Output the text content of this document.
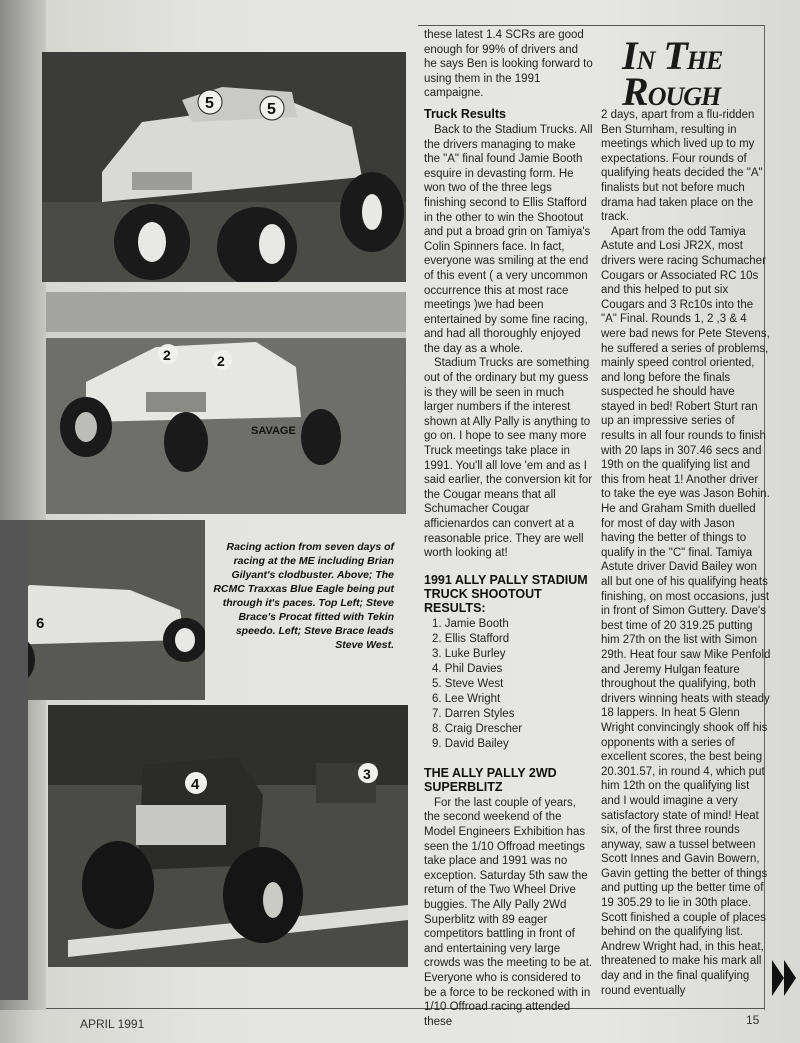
5	5
2	2
SAVAGE
6
4
3
Racing action from seven days of racing at the ME including Brian Gilyant's clodbuster. Above; The RCMC Traxxas Blue Eagle being put through it's paces. Top Left; Steve Brace's Procat fitted with Tekin speedo. Left; Steve Brace leads Steve West.
IN THE
ROUGH

these latest 1.4 SCRs are good enough for 99% of drivers and he says Ben is looking forward to using them in the 1991 campaigne.

Truck Results

Back to the Stadium Trucks. All the drivers managing to make the "A" final found Jamie Booth esquire in devasting form. He won two of the three legs finishing second to Ellis Stafford in the other to win the Shootout and put a broad grin on Tamiya's Colin Spinners face. In fact, everyone was smiling at the end of this event ( a very uncommon occurrence this at most race meetings )we had been entertained by some fine racing, and had all thoroughly enjoyed the day as a whole.

Stadium Trucks are something out of the ordinary but my guess is they will be seen in much larger numbers if the interest shown at Ally Pally is anything to go on. I hope to see many more Truck meetings take place in 1991. You'll all love 'em and as I said earlier, the conversion kit for the Cougar means that all Schumacher Cougar afficienardos can convert at a reasonable price. They are well worth looking at!

1991 ALLY PALLY STADIUM TRUCK SHOOTOUT RESULTS:
1. Jamie Booth
2. Ellis Stafford
3. Luke Burley
4. Phil Davies
5. Steve West
6. Lee Wright
7. Darren Styles
8. Craig Drescher
9. David Bailey
THE ALLY PALLY 2WD SUPERBLITZ

For the last couple of years, the second weekend of the Model Engineers Exhibition has seen the 1/10 Offroad meetings take place and 1991 was no exception. Saturday 5th saw the return of the Two Wheel Drive buggies. The Ally Pally 2Wd Superblitz with 89 eager competitors battling in front of and entertaining very large crowds was the meeting to be at. Everyone who is considered to be a force to be reckoned with in 1/10 Offroad racing attended these

2 days, apart from a flu-ridden Ben Sturnham, resulting in meetings which lived up to my expectations. Four rounds of qualifying heats decided the "A" finalists but not before much drama had taken place on the track.

Apart from the odd Tamiya Astute and Losi JR2X, most drivers were racing Schumacher Cougars or Associated RC 10s and this helped to put six Cougars and 3 Rc10s into the "A" Final. Rounds 1, 2 ,3 & 4 were bad news for Pete Stevens, he suffered a series of problems, mainly speed control oriented, and long before the finals suspected he should have stayed in bed! Robert Sturt ran up an impressive series of results in all four rounds to finish with 20 laps in 307.46 secs and 19th on the qualifying list and this from heat 1! Another driver to take the eye was Jason Bohin. He and Graham Smith duelled for most of day with Jason having the better of things to qualify in the "C" final. Tamiya Astute driver David Bailey won all but one of his qualifying heats finishing, on most occasions, just in front of Simon Guttery. Dave's best time of 20 319.25 putting him 27th on the list with Simon 29th. Heat four saw Mike Penfold and Jeremy Hulgan feature throughout the qualifying, both drivers winning heats with steady 18 lappers. In heat 5 Glenn Wright convincingly shook off his opponents with a series of excellent scores, the best being 20.301.57, in round 4, which put him 12th on the qualifying list and I would imagine a very satisfactory state of mind! Heat six, of the first three rounds anyway, saw a tussel between Scott Innes and Gavin Bowern, Gavin getting the better of things and putting up the better time of 19 305.29 to lie in 30th place. Scott finished a couple of places behind on the qualifying list. Andrew Wright had, in this heat, threatened to make his mark all day and in the final qualifying round eventually

APRIL 1991	15
